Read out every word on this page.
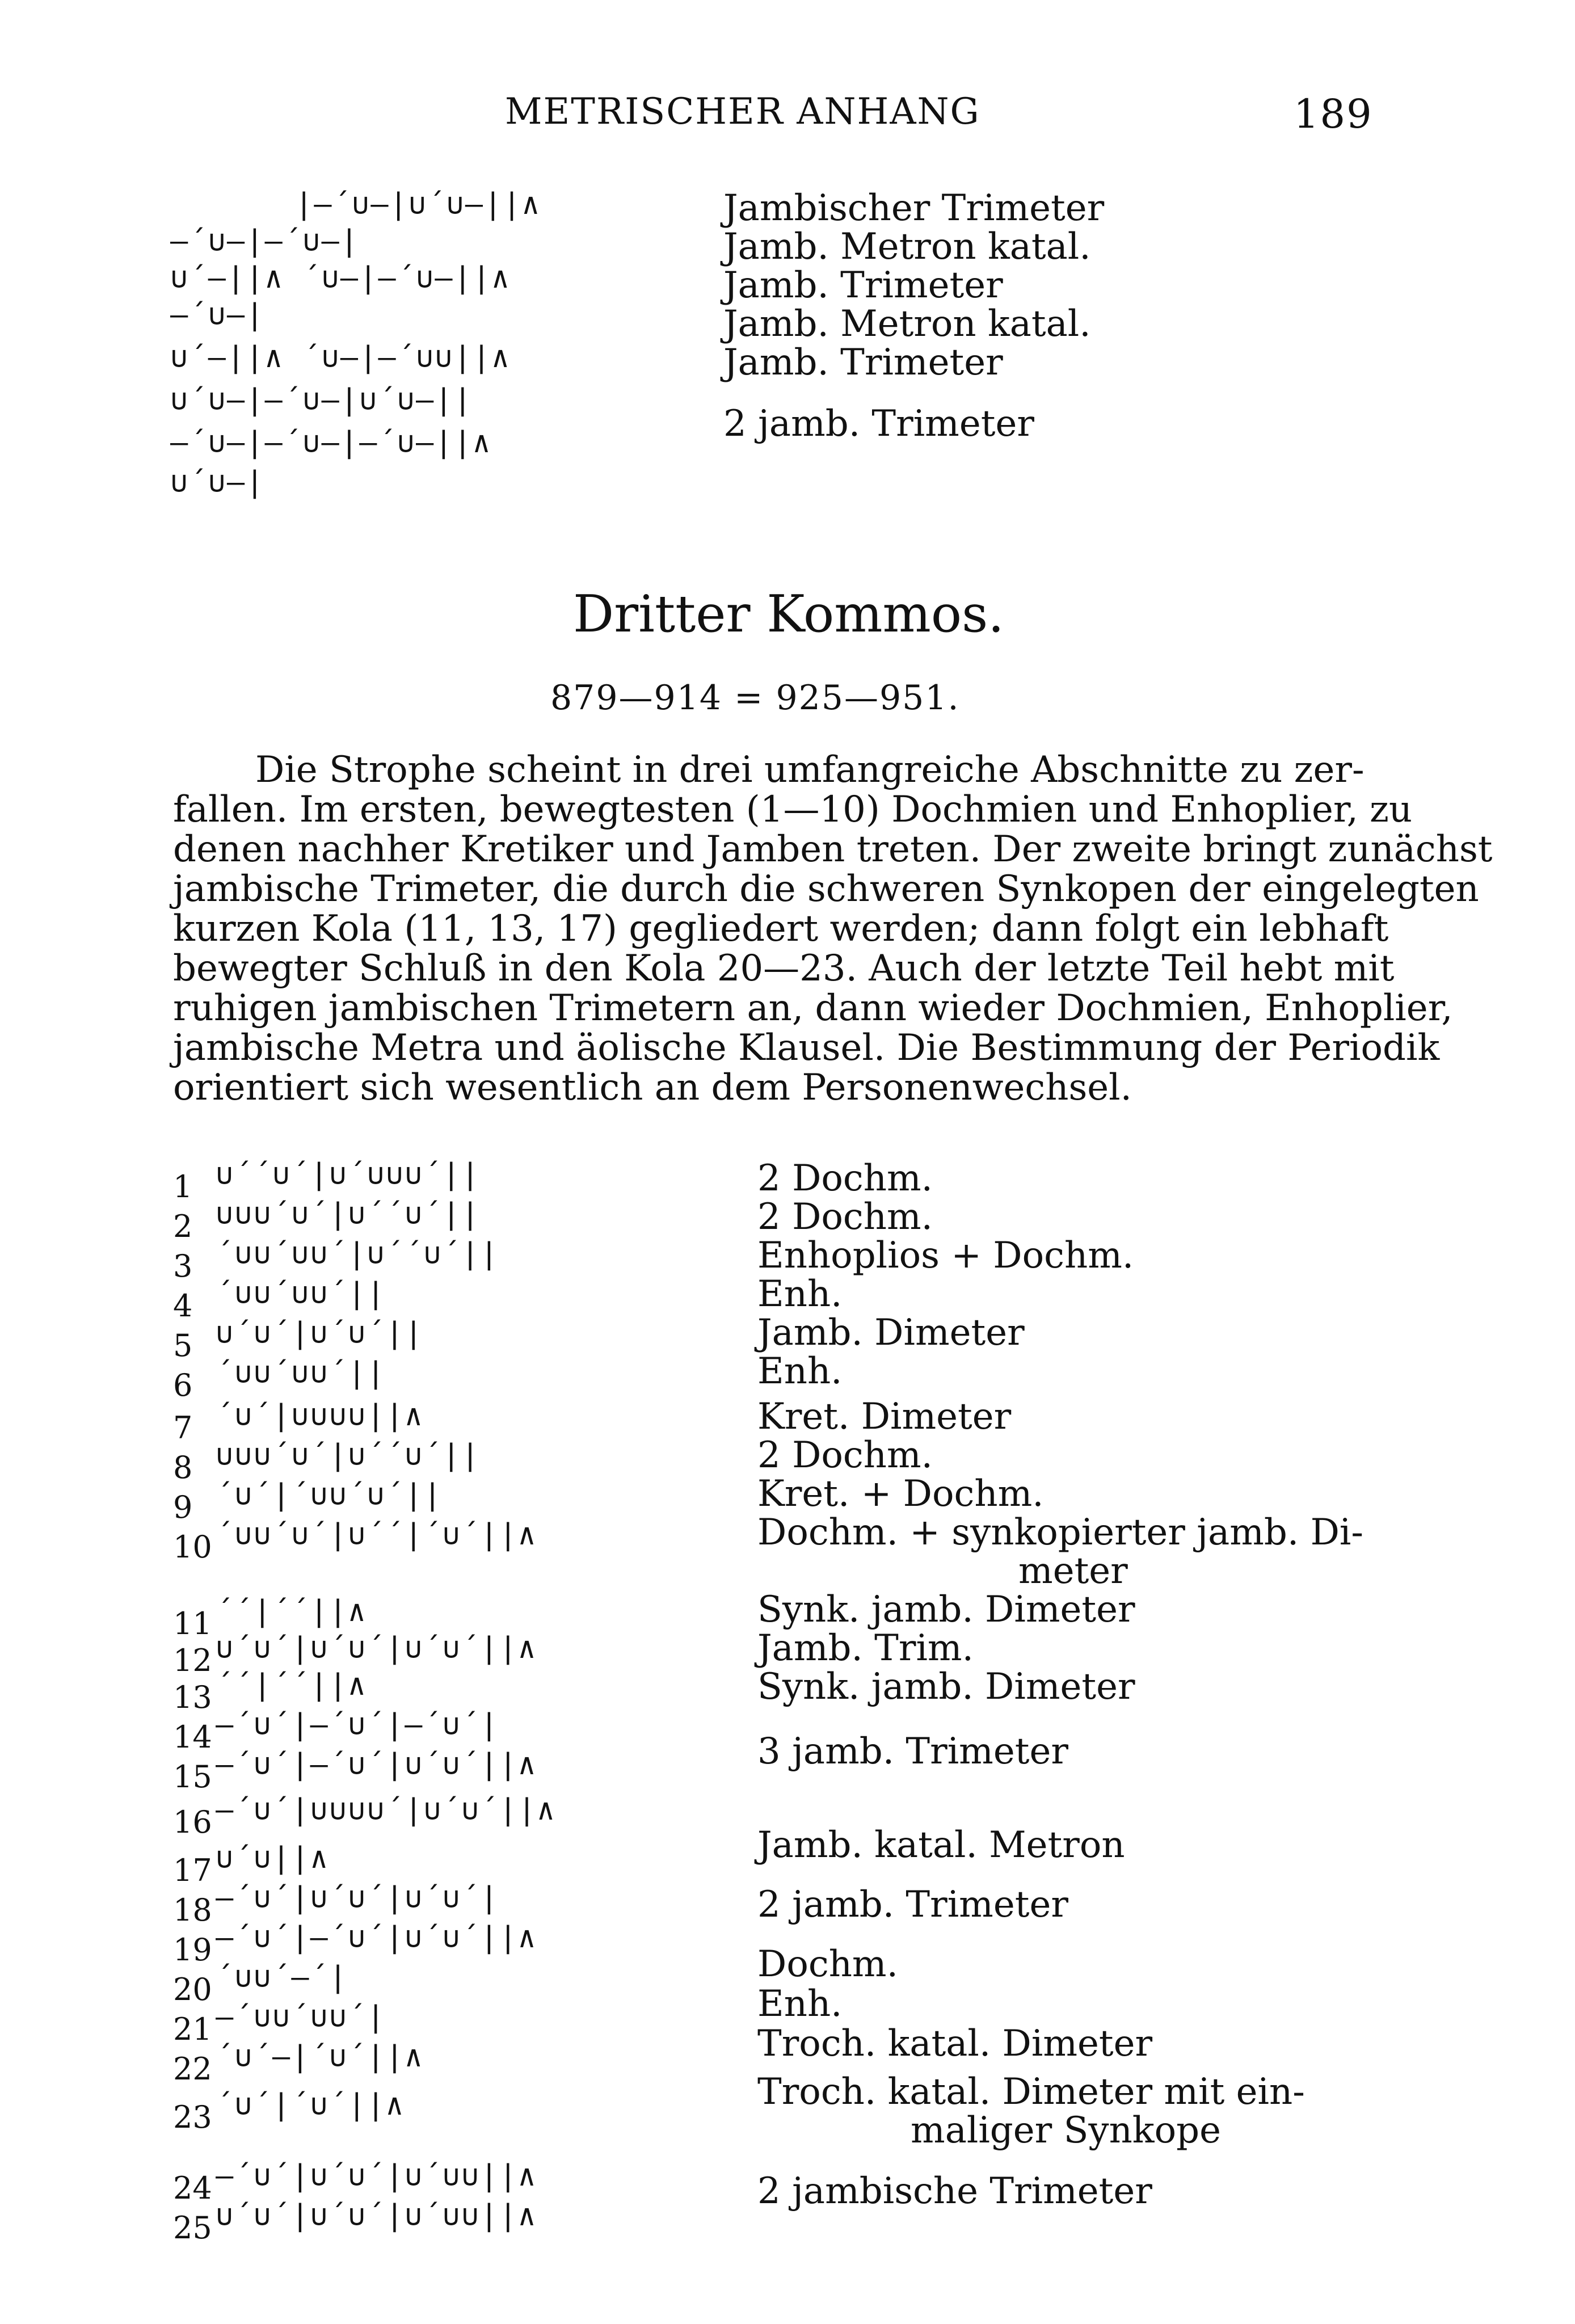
METRISCHER ANHANG	189
|–´∪–|∪´∪–||∧
–´∪–|–´∪–|
∪´–||∧ ´∪–|–´∪–||∧
–´∪–|
∪´–||∧ ´∪–|–´∪∪||∧
∪´∪–|–´∪–|∪´∪–||
–´∪–|–´∪–|–´∪–||∧
∪´∪–|
Jambischer Trimeter
Jamb. Metron katal.
Jamb. Trimeter
Jamb. Metron katal.
Jamb. Trimeter
2 jamb. Trimeter
Dritter Kommos.
879—914 = 925—951.
Die Strophe scheint in drei umfangreiche Abschnitte zu zer-
fallen. Im ersten, bewegtesten (1—10) Dochmien und Enhoplier, zu
denen nachher Kretiker und Jamben treten. Der zweite bringt zunächst
jambische Trimeter, die durch die schweren Synkopen der eingelegten
kurzen Kola (11, 13, 17) gegliedert werden; dann folgt ein lebhaft
bewegter Schluß in den Kola 20—23. Auch der letzte Teil hebt mit
ruhigen jambischen Trimetern an, dann wieder Dochmien, Enhoplier,
jambische Metra und äolische Klausel. Die Bestimmung der Periodik
orientiert sich wesentlich an dem Personenwechsel.
1 ∪´´∪´|∪´∪∪∪´||
2 ∪∪∪´∪´|∪´´∪´||
3 ´∪∪´∪∪´|∪´´∪´||
4 ´∪∪´∪∪´||
5 ∪´∪´|∪´∪´||
6 ´∪∪´∪∪´||
7 ´∪´|∪∪∪∪||∧
8 ∪∪∪´∪´|∪´´∪´||
9 ´∪´|´∪∪´∪´||
10 ´∪∪´∪´|∪´´|´∪´||∧
11 ´´|´´||∧
12 ∪´∪´|∪´∪´|∪´∪´||∧
13 ´´|´´||∧
14 –´∪´|–´∪´|–´∪´|
15 –´∪´|–´∪´|∪´∪´||∧
16 –´∪´|∪∪∪∪´|∪´∪´||∧
17 ∪´∪||∧
18 –´∪´|∪´∪´|∪´∪´|
19 –´∪´|–´∪´|∪´∪´||∧
20 ´∪∪´–´|
21 –´∪∪´∪∪´|
22 ´∪´–|´∪´||∧
23 ´∪´|´∪´||∧
24 –´∪´|∪´∪´|∪´∪∪||∧
25 ∪´∪´|∪´∪´|∪´∪∪||∧
2 Dochm.
2 Dochm.
Enhoplios + Dochm.
Enh.
Jamb. Dimeter
Enh.
Kret. Dimeter
2 Dochm.
Kret. + Dochm.
Dochm. + synkopierter jamb. Di-
meter
Synk. jamb. Dimeter
Jamb. Trim.
Synk. jamb. Dimeter
3 jamb. Trimeter
Jamb. katal. Metron
2 jamb. Trimeter
Dochm.
Enh.
Troch. katal. Dimeter
Troch. katal. Dimeter mit ein-
maliger Synkope
2 jambische Trimeter
